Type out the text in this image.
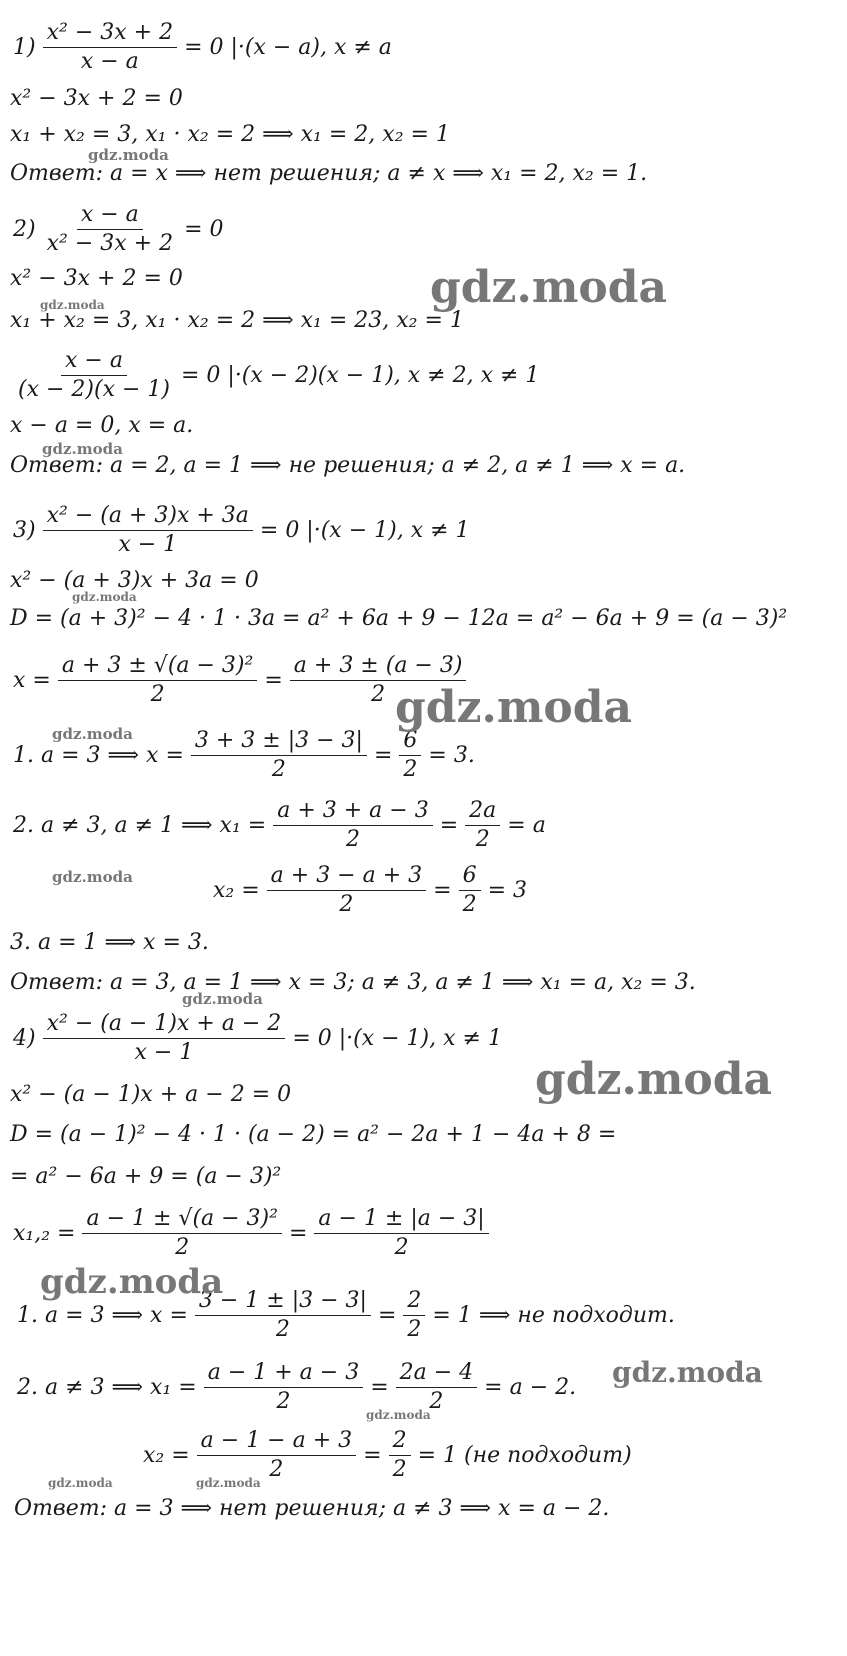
$1) \frac{\text{x² − 3x + 2}}{x - a} = 0$ |·(x − a), x ≠ a
x² − 3x + 2 = 0
x₁ + x₂ = 3, x₁ · x₂ = 2 ⟹ x₁ = 2, x₂ = 1
Ответ: a = x ⟹ нет решения; a ≠ x ⟹ x₁ = 2, x₂ = 1.
$2) \frac{x - a}{\text{x² − 3x + 2}} = 0$
x² − 3x + 2 = 0
x₁ + x₂ = 3, x₁ · x₂ = 2 ⟹ x₁ = 23, x₂ = 1
$\frac{x - a}{(x - 2)(x - 1)} = 0$ |·(x − 2)(x − 1), x ≠ 2, x ≠ 1
x − a = 0, x = a.
Ответ: a = 2, a = 1 ⟹ не решения; a ≠ 2, a ≠ 1 ⟹ x = a.
$3) \frac{\text{x² − (a + 3)x + 3a}}{x - 1} = 0$ |·(x − 1), x ≠ 1
x² − (a + 3)x + 3a = 0
D = (a + 3)² − 4 · 1 · 3a = a² + 6a + 9 − 12a = a² − 6a + 9 = (a − 3)²
$x = \frac{\text{a + 3 ± √(a − 3)²}}{2} = \frac{a + 3 \pm (a - 3)}{2}$
1. a = 3 ⟹ $x = \frac{3 + 3 \pm |3 - 3|}{2} = \frac{6}{2} = 3$.
2. a ≠ 3, a ≠ 1 ⟹ $x_1 = \frac{a + 3 + a - 3}{2} = \frac{2a}{2} = a$
$x_2 = \frac{a + 3 - a + 3}{2} = \frac{6}{2} = 3$
3. a = 1 ⟹ x = 3.
Ответ: a = 3, a = 1 ⟹ x = 3; a ≠ 3, a ≠ 1 ⟹ x₁ = a, x₂ = 3.
$4) \frac{\text{x² − (a − 1)x + a − 2}}{x - 1} = 0$ |·(x − 1), x ≠ 1
x² − (a − 1)x + a − 2 = 0
D = (a − 1)² − 4 · 1 · (a − 2) = a² − 2a + 1 − 4a + 8 =
= a² − 6a + 9 = (a − 3)²
$x_1,_2 = \frac{\text{a − 1 ± √(a − 3)²}}{2} = \frac{a - 1 \pm |a - 3|}{2}$
1. a = 3 ⟹ $x = \frac{3 - 1 \pm |3 - 3|}{2} = \frac{2}{2} = 1$ ⟹ не подходит.
2. a ≠ 3 ⟹ $x_1 = \frac{a - 1 + a - 3}{2} = \frac{2a - 4}{2} = a - 2$.
$x_2 = \frac{a - 1 - a + 3}{2} = \frac{2}{2} = 1$ (не подходит)
Ответ: a = 3 ⟹ нет решения; a ≠ 3 ⟹ x = a − 2.
gdz.moda
gdz.moda
gdz.moda
gdz.moda
gdz.moda
gdz.moda
gdz.moda
gdz.moda
gdz.moda
gdz.moda
gdz.moda
gdz.moda
gdz.moda
gdz.moda	gdz.moda
